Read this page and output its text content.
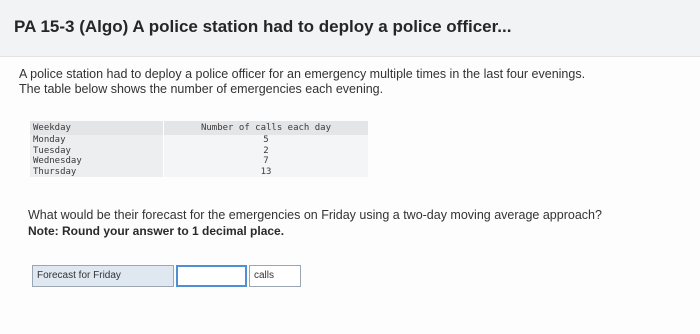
PA 15-3 (Algo) A police station had to deploy a police officer...

A police station had to deploy a police officer for an emergency multiple times in the last four evenings.

The table below shows the number of emergencies each evening.

Weekday	Number of calls each day
Monday
Tuesday
Wednesday
Thursday
5
2
7
13
What would be their forecast for the emergencies on Friday using a two-day moving average approach?
Note: Round your answer to 1 decimal place.
Forecast for Friday	calls
